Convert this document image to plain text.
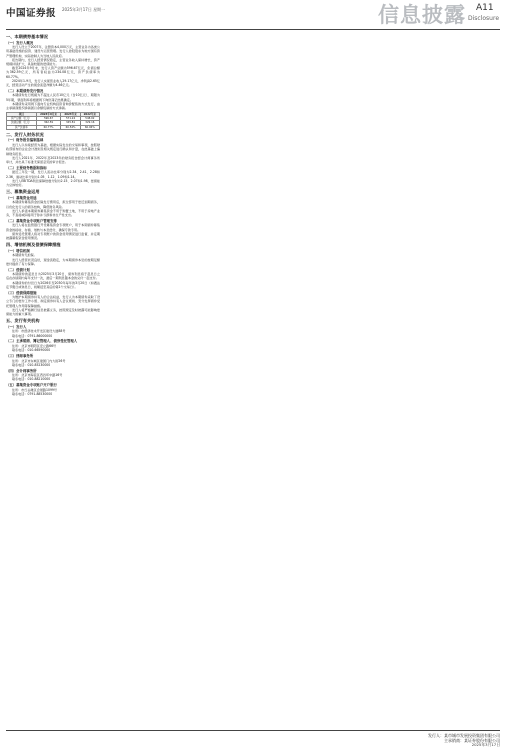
中国证券报 2025年3月17日 星期一	信息披露 A11
Disclosure
一、本期债券基本情况
（一）发行人概况

发行人设立于2007年，注册资本4,000万元，主营业务为各类公用基础设施的投资、建设与运营管理。发行人控股股东为地方国有资产管理机构，实际控制人为当地人民政府。

报告期内，发行人经营情况稳定，主营业务收入保持增长，资产规模持续扩大，具备较强的偿债能力。

截至2024年9月末，发行人资产总额为596.67亿元，负债总额为362.59亿元，所有者权益为234.08亿元，资产负债率为60.77%。

2024年1-9月，发行人实现营业收入29.17亿元，净利润2.65亿元，经营活动产生的现金流量净额为4.46亿元。

（二）本期债券发行情况

本期债券发行规模为不超过人民币10亿元（含10亿元），期限为5年期，票面利率将根据网下询价簿记结果确定。

本期债券采用网下面向专业机构投资者询价配售的方式发行，由主承销商组织承销团以余额包销的方式承销。

项目	2024年9月末	2023年末	2022年末
资产总额（亿元）	596.67	571.24	548.02
负债总额（亿元）	362.59	345.81	329.16
资产负债率	60.77%	60.54%	60.06%
二、发行人财务状况
（一）财务报告编制基础

发行人以持续经营为基础，根据实际发生的交易和事项，按照财政部颁布的企业会计准则及相关规定进行确认和计量，在此基础上编制财务报表。

发行人2021年、2022年及2023年的财务报告经会计师事务所审计，并出具了标准无保留意见的审计报告。

（二）主要财务数据和指标

最近三年及一期，发行人流动比率分别为2.34、2.41、2.28和2.36，速动比率分别为1.05、1.12、1.09和1.14。

发行人EBITDA利息保障倍数分别为2.15、2.07和1.98，偿债能力总体较好。

三、募集资金运用
（一）募集资金用途

本期债券募集资金扣除发行费用后，拟全部用于偿还到期债务，以优化发行人的债务结构，降低财务风险。

发行人承诺本期债券募集资金不用于购置土地，不用于房地产业务，不直接或间接用于弥补亏损和非生产性支出。

（二）募集资金专项账户管理安排

发行人将在监管银行开设募集资金专项账户，用于本期债券募集资金的接收、存储、划转与本息偿付，确保专款专用。

债券受托管理人将对专项账户的资金使用情况进行监督，并定期披露募集资金使用情况。

四、增信机制及偿债保障措施
（一）增信机制

本期债券无担保。

发行人经营状况良好，现金流稳定，为本期债券本息的按期足额偿付提供了有力保障。

（二）偿债计划

本期债券的起息日为2025年3月20日，债券利息将于起息日之后在存续期内每年支付一次，最后一期利息随本金的兑付一起支付。

本期债券的付息日为2026年至2030年每年的3月20日（如遇法定节假日或休息日，则顺延至其后的第1个交易日）。

（三）偿债保障措施

为维护本期债券持有人的合法权益，发行人为本期债券采取了设立专门的偿付工作小组、制定债券持有人会议规则、充分发挥债券受托管理人作用等保障措施。

发行人将严格履行信息披露义务，按照规定及时披露可能影响偿债能力的重大事项。

五、发行有关机构
（一）发行人

住所：市经济技术开发区建设大道88号

联系电话：0791-86000000

（二）主承销商、簿记管理人、债券受托管理人

住所：北京市朝阳区安立路66号

联系电话：010-66590000

（三）律师事务所

住所：北京市东城区建国门内大街26号

联系电话：010-85230000

（四）会计师事务所

住所：北京市海淀区西四环中路16号

联系电话：010-88210000

（五）募集资金专项账户开户银行

住所：市红谷滩区会展路1099号

联系电话：0791-88530000

发行人：某市城市发展投资集团有限公司
主承销商：某证券股份有限公司
2025年3月17日
